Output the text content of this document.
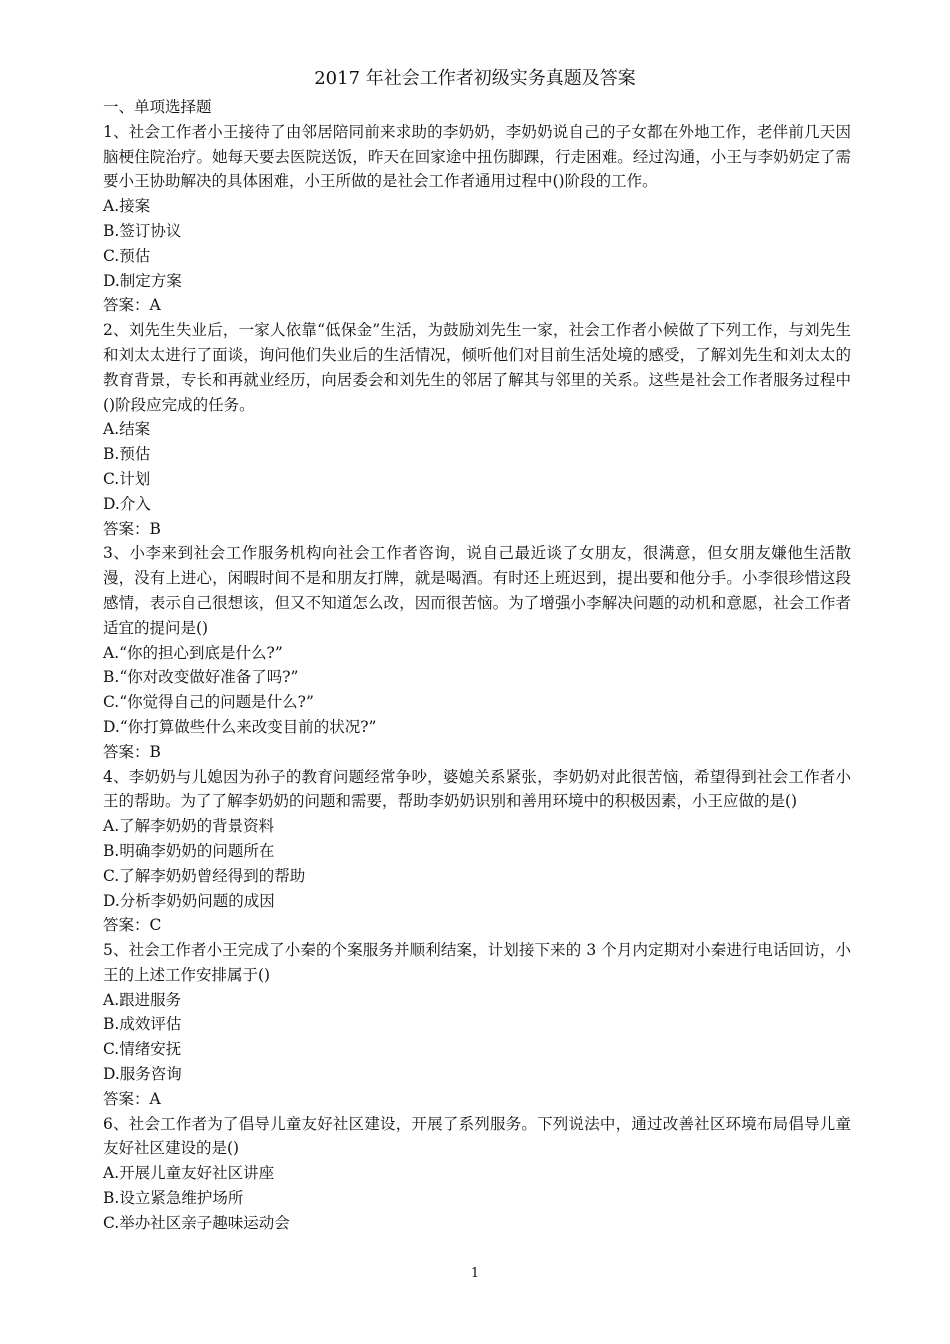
2017 年社会工作者初级实务真题及答案

一、单项选择题

1、社会工作者小王接待了由邻居陪同前来求助的李奶奶，李奶奶说自己的子女都在外地工作，老伴前几天因脑梗住院治疗。她每天要去医院送饭，昨天在回家途中扭伤脚踝，行走困难。经过沟通，小王与李奶奶定了需要小王协助解决的具体困难，小王所做的是社会工作者通用过程中()阶段的工作。

A.接案

B.签订协议

C.预估

D.制定方案

答案：A

2、刘先生失业后，一家人依靠“低保金”生活，为鼓励刘先生一家，社会工作者小候做了下列工作，与刘先生和刘太太进行了面谈，询问他们失业后的生活情况，倾听他们对目前生活处境的感受，了解刘先生和刘太太的教育背景，专长和再就业经历，向居委会和刘先生的邻居了解其与邻里的关系。这些是社会工作者服务过程中()阶段应完成的任务。

A.结案

B.预估

C.计划

D.介入

答案：B

3、小李来到社会工作服务机构向社会工作者咨询，说自己最近谈了女朋友，很满意，但女朋友嫌他生活散漫，没有上进心，闲暇时间不是和朋友打牌，就是喝酒。有时还上班迟到，提出要和他分手。小李很珍惜这段感情，表示自己很想该，但又不知道怎么改，因而很苦恼。为了增强小李解决问题的动机和意愿，社会工作者适宜的提问是()

A.“你的担心到底是什么?”

B.“你对改变做好准备了吗?”

C.“你觉得自己的问题是什么?”

D.“你打算做些什么来改变目前的状况?”

答案：B

4、李奶奶与儿媳因为孙子的教育问题经常争吵，婆媳关系紧张，李奶奶对此很苦恼，希望得到社会工作者小王的帮助。为了了解李奶奶的问题和需要，帮助李奶奶识别和善用环境中的积极因素，小王应做的是()

A.了解李奶奶的背景资料

B.明确李奶奶的问题所在

C.了解李奶奶曾经得到的帮助

D.分析李奶奶问题的成因

答案：C

5、社会工作者小王完成了小秦的个案服务并顺利结案，计划接下来的 3 个月内定期对小秦进行电话回访，小王的上述工作安排属于()

A.跟进服务

B.成效评估

C.情绪安抚

D.服务咨询

答案：A

6、社会工作者为了倡导儿童友好社区建设，开展了系列服务。下列说法中，通过改善社区环境布局倡导儿童友好社区建设的是()

A.开展儿童友好社区讲座

B.设立紧急维护场所

C.举办社区亲子趣味运动会

1
